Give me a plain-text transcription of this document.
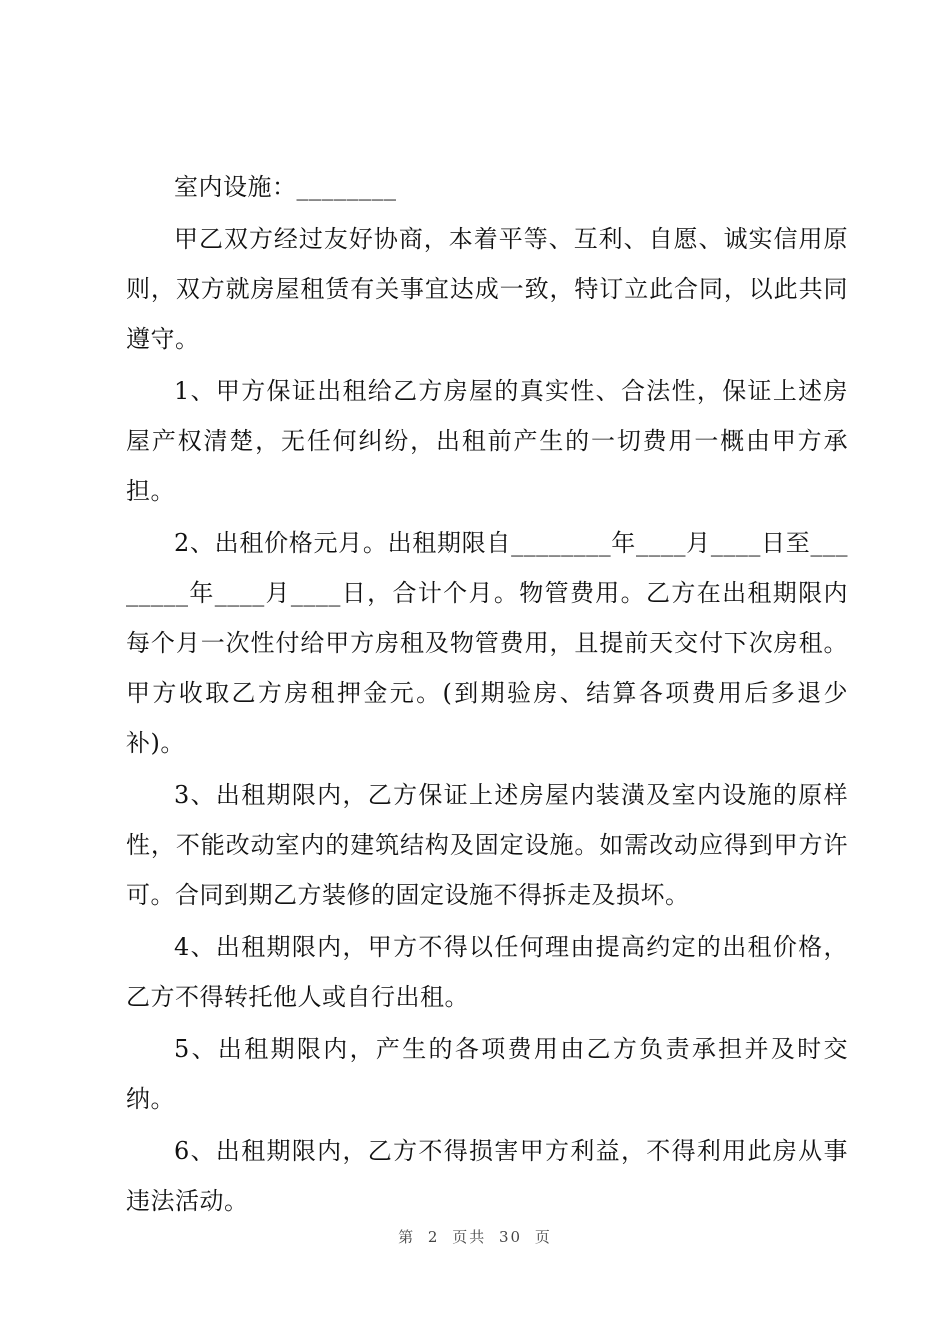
室内设施：________

甲乙双方经过友好协商，本着平等、互利、自愿、诚实信用原则，双方就房屋租赁有关事宜达成一致，特订立此合同，以此共同遵守。

1、甲方保证出租给乙方房屋的真实性、合法性，保证上述房屋产权清楚，无任何纠纷，出租前产生的一切费用一概由甲方承担。

2、出租价格元月。出租期限自________年____月____日至________年____月____日，合计个月。物管费用。乙方在出租期限内每个月一次性付给甲方房租及物管费用，且提前天交付下次房租。甲方收取乙方房租押金元。(到期验房、结算各项费用后多退少补)。

3、出租期限内，乙方保证上述房屋内装潢及室内设施的原样性，不能改动室内的建筑结构及固定设施。如需改动应得到甲方许可。合同到期乙方装修的固定设施不得拆走及损坏。

4、出租期限内，甲方不得以任何理由提高约定的出租价格，乙方不得转托他人或自行出租。

5、出租期限内，产生的各项费用由乙方负责承担并及时交纳。

6、出租期限内，乙方不得损害甲方利益，不得利用此房从事违法活动。

第 2 页共 30 页
